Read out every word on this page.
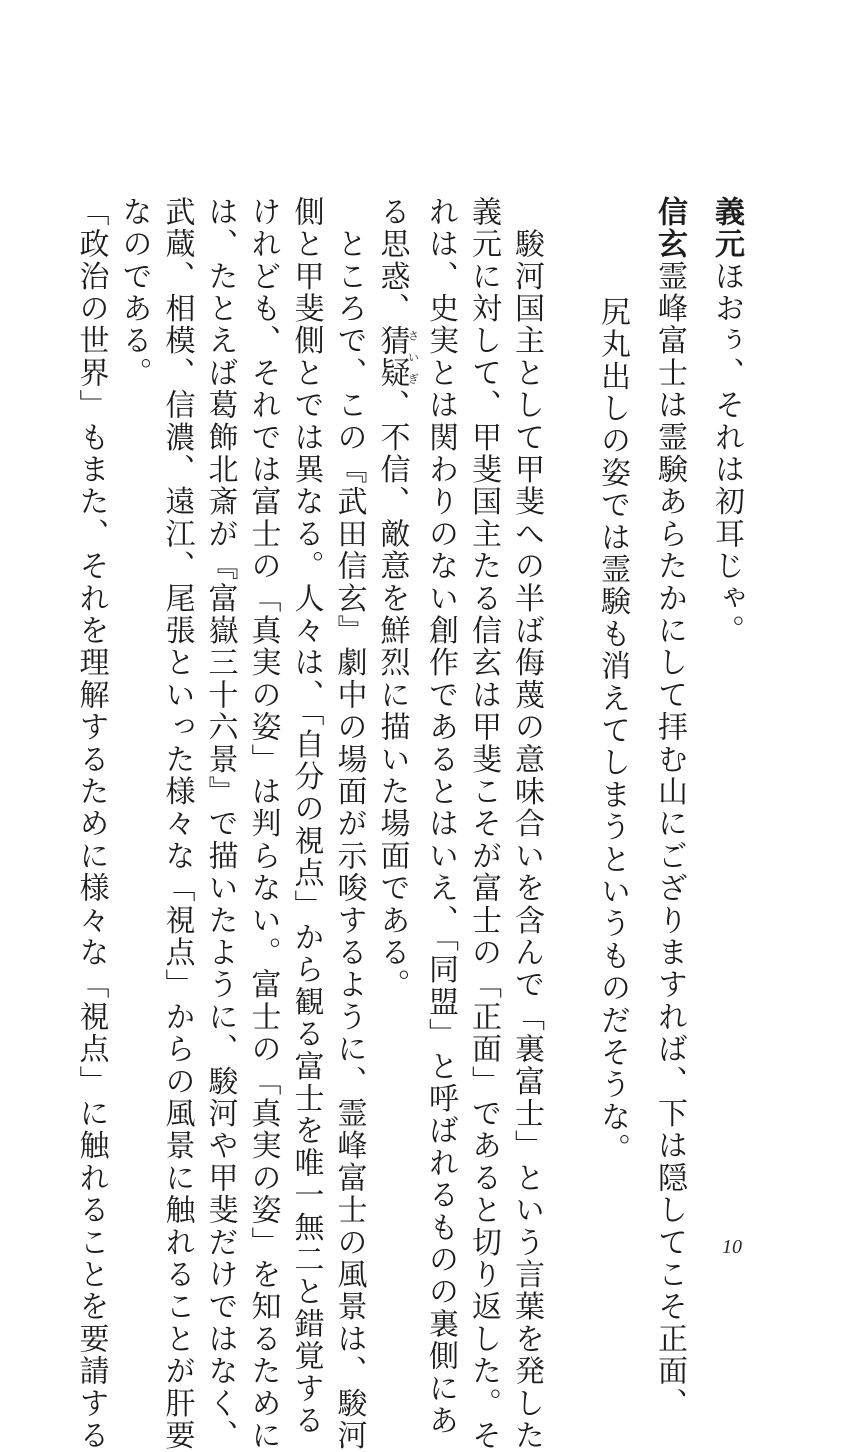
義元ほおぅ、それは初耳じゃ。
信玄霊峰富士は霊験あらたかにして拝む山にござりますれば、下は隠してこそ正面、
尻丸出しの姿では霊験も消えてしまうというものだそうな。
　駿河国主として甲斐への半ば侮蔑の意味合いを含んで「裏富士」という言葉を発した
義元に対して、甲斐国主たる信玄は甲斐こそが富士の「正面」であると切り返した。そ
れは、史実とは関わりのない創作であるとはいえ、「同盟」と呼ばれるものの裏側にあ
る思惑、猜疑さいぎ、不信、敵意を鮮烈に描いた場面である。
　ところで、この『武田信玄』劇中の場面が示唆するように、霊峰富士の風景は、駿河
側と甲斐側とでは異なる。人々は、「自分の視点」から観る富士を唯一無二と錯覚する
けれども、それでは富士の「真実の姿」は判らない。富士の「真実の姿」を知るために
は、たとえば葛飾北斎が『富嶽三十六景』で描いたように、駿河や甲斐だけではなく、
武蔵、相模、信濃、遠江、尾張といった様々な「視点」からの風景に触れることが肝要
なのである。
「政治の世界」もまた、それを理解するために様々な「視点」に触れることを要請する	10
